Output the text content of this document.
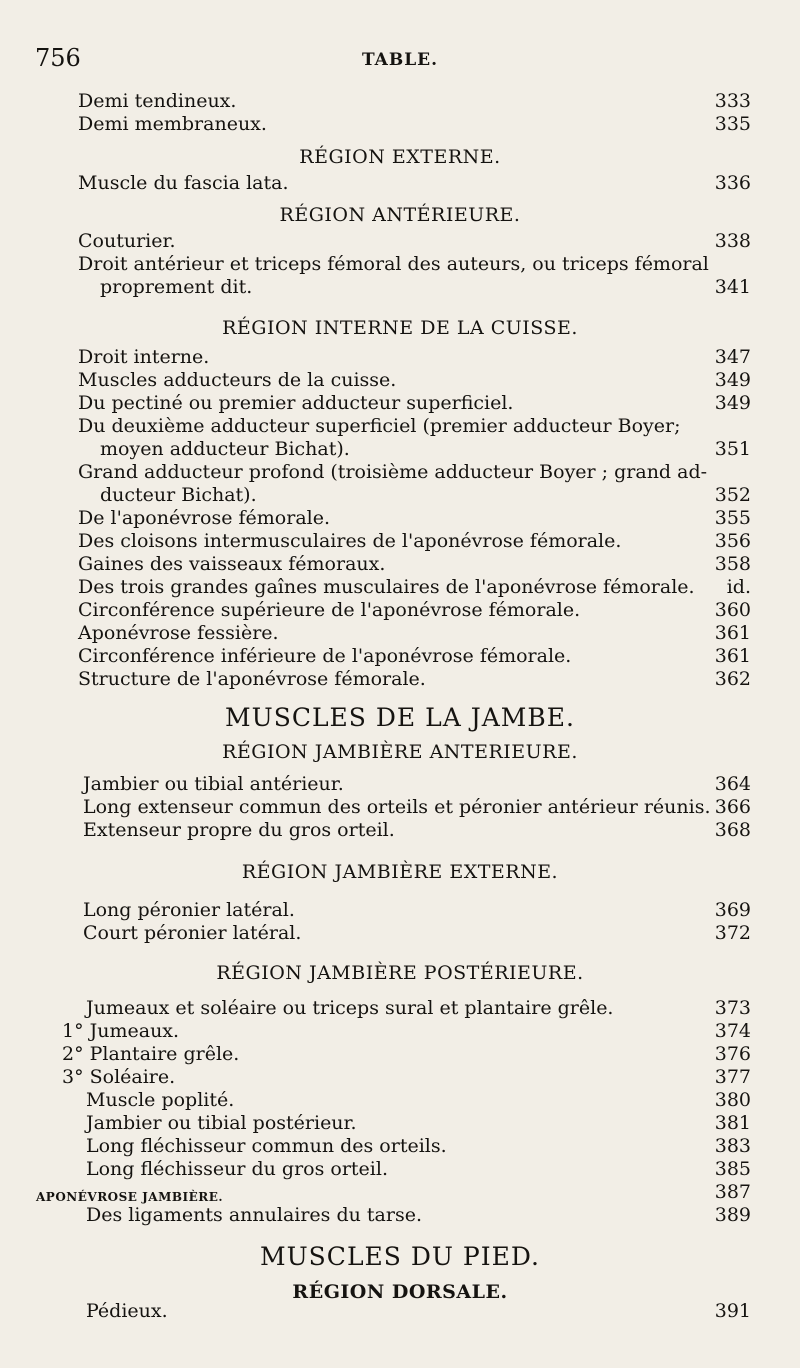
756	TABLE.
Demi tendineux.	333
Demi membraneux.	335
RÉGION EXTERNE.
Muscle du fascia lata.	336
RÉGION ANTÉRIEURE.
Couturier.	338
Droit antérieur et triceps fémoral des auteurs, ou triceps fémoral
proprement dit.	341
RÉGION INTERNE DE LA CUISSE.
Droit interne.	347
Muscles adducteurs de la cuisse.	349
Du pectiné ou premier adducteur superficiel.	349
Du deuxième adducteur superficiel (premier adducteur Boyer;
moyen adducteur Bichat).	351
Grand adducteur profond (troisième adducteur Boyer ; grand ad-
ducteur Bichat).	352
De l'aponévrose fémorale.	355
Des cloisons intermusculaires de l'aponévrose fémorale.	356
Gaines des vaisseaux fémoraux.	358
Des trois grandes gaînes musculaires de l'aponévrose fémorale. id.
Circonférence supérieure de l'aponévrose fémorale.	360
Aponévrose fessière.	361
Circonférence inférieure de l'aponévrose fémorale.	361
Structure de l'aponévrose fémorale.	362
MUSCLES DE LA JAMBE.
RÉGION JAMBIÈRE ANTERIEURE.
Jambier ou tibial antérieur.	364
Long extenseur commun des orteils et péronier antérieur réunis. 366
Extenseur propre du gros orteil.	368
RÉGION JAMBIÈRE EXTERNE.
Long péronier latéral.	369
Court péronier latéral.	372
RÉGION JAMBIÈRE POSTÉRIEURE.
Jumeaux et soléaire ou triceps sural et plantaire grêle.	373
1° Jumeaux.	374
2° Plantaire grêle.	376
3° Soléaire.	377
Muscle poplité.	380
Jambier ou tibial postérieur.	381
Long fléchisseur commun des orteils.	383
Long fléchisseur du gros orteil.	385
APONÉVROSE JAMBIÈRE.	387
Des ligaments annulaires du tarse.	389
MUSCLES DU PIED.
RÉGION DORSALE.
Pédieux.	391
